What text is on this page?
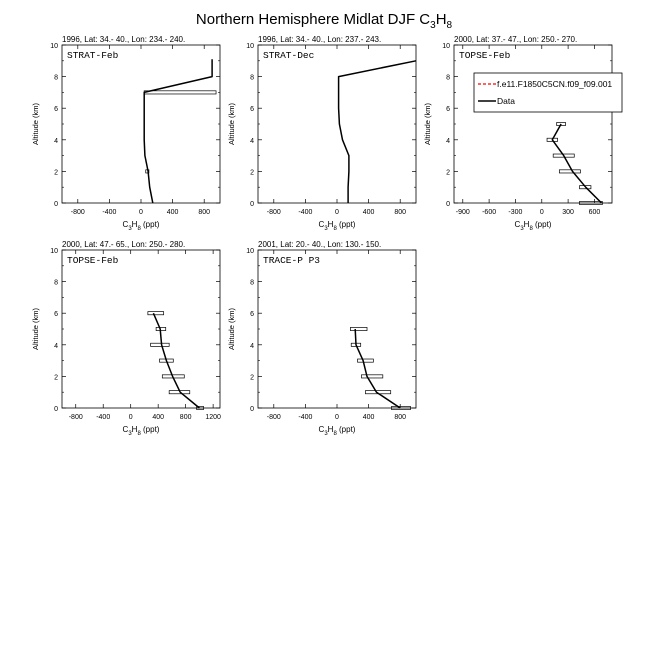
Northern Hemisphere Midlat DJF $C_3H_8$
1996, Lat: 34.- 40., Lon: 234.- 240.
STRAT-Feb
0
2
4
6
8
10
-800	-400	0	400	800
Altitude (km)
$C_3H_8$ (ppt)
1996, Lat: 34.- 40., Lon: 237.- 243.
STRAT-Dec
0
2
4
6
8
10
-800	-400	0	400	800
Altitude (km)
$C_3H_8$ (ppt)
2000, Lat: 37.- 47., Lon: 250.- 270.
TOPSE-Feb
0
2
4
6
8
10
-900 -600 -300 0	300 600
Altitude (km)
$C_3H_8$ (ppt)
2000, Lat: 47.- 65., Lon: 250.- 280.
TOPSE-Feb
0
2
4
6
8
10
-800 -400	0	400 800 1200
Altitude (km)
$C_3H_8$ (ppt)
2001, Lat: 20.- 40., Lon: 130.- 150.
TRACE-P P3
0
2
4
6
8
10
-800	-400	0	400	800
Altitude (km)
$C_3H_8$ (ppt)
f.e11.F1850C5CN.f09_f09.001
Data
